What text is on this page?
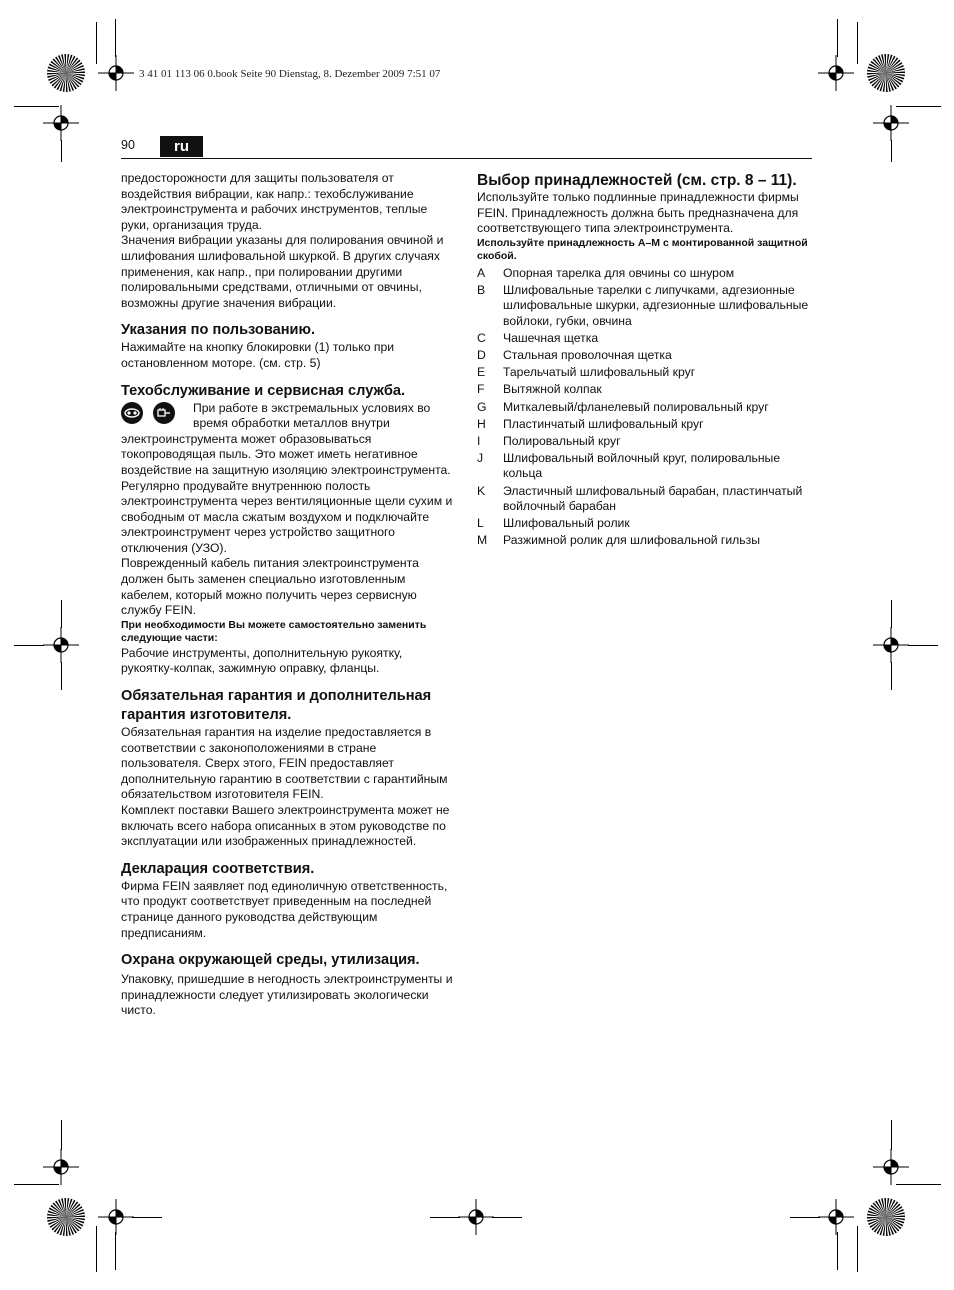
3 41 01 113 06 0.book Seite 90 Dienstag, 8. Dezember 2009 7:51 07
90	ru

предосторожности для защиты пользователя от воздействия вибрации, как напр.: техобслуживание электроинструмента и рабочих инструментов, теплые руки, организация труда.

Значения вибрации указаны для полирования овчиной и шлифования шлифовальной шкуркой. В других случаях применения, как напр., при полировании другими полировальными средствами, отличными от овчины, возможны другие значения вибрации.

Указания по пользованию.

Нажимайте на кнопку блокировки (1) только при остановленном моторе. (см. стр. 5)

Техобслуживание и сервисная служба.

При работе в экстремальных условиях во время обработки металлов внутри электроинструмента может образовываться токопроводящая пыль. Это может иметь негативное воздействие на защитную изоляцию электроинструмента. Регулярно продувайте внутреннюю полость электроинструмента через вентиляционные щели сухим и свободным от масла сжатым воздухом и подключайте электроинструмент через устройство защитного отключения (УЗО).

Поврежденный кабель питания электроинструмента должен быть заменен специально изготовленным кабелем, который можно получить через сервисную службу FEIN.

При необходимости Вы можете самостоятельно заменить следующие части:

Рабочие инструменты, дополнительную рукоятку, рукоятку-колпак, зажимную оправку, фланцы.

Обязательная гарантия и дополнительная гарантия изготовителя.

Обязательная гарантия на изделие предоставляется в соответствии с законоположениями в стране пользователя. Сверх этого, FEIN предоставляет дополнительную гарантию в соответствии с гарантийным обязательством изготовителя FEIN.

Комплект поставки Вашего электроинструмента может не включать всего набора описанных в этом руководстве по эксплуатации или изображенных принадлежностей.

Декларация соответствия.

Фирма FEIN заявляет под единоличную ответственность, что продукт соответствует приведенным на последней странице данного руководства действующим предписаниям.

Охрана окружающей среды, утилизация.

Упаковку, пришедшие в негодность электроинструменты и принадлежности следует утилизировать экологически чисто.

Выбор принадлежностей (см. стр. 8 – 11).

Используйте только подлинные принадлежности фирмы FEIN. Принадлежность должна быть предназначена для соответствующего типа электроинструмента.

Используйте принадлежность A–M с монтированной защитной скобой.

A	Опорная тарелка для овчины со шнуром
B	Шлифовальные тарелки с липучками, адгезионные шлифовальные шкурки, адгезионные шлифовальные войлоки, губки, овчина
C	Чашечная щетка
D	Стальная проволочная щетка
E	Тарельчатый шлифовальный круг
F	Вытяжной колпак
G	Миткалевый/фланелевый полировальный круг
H	Пластинчатый шлифовальный круг
I	Полировальный круг
J	Шлифовальный войлочный круг, полировальные кольца
K	Эластичный шлифовальный барабан, пластинчатый войлочный барабан
L	Шлифовальный ролик
M	Разжимной ролик для шлифовальной гильзы
